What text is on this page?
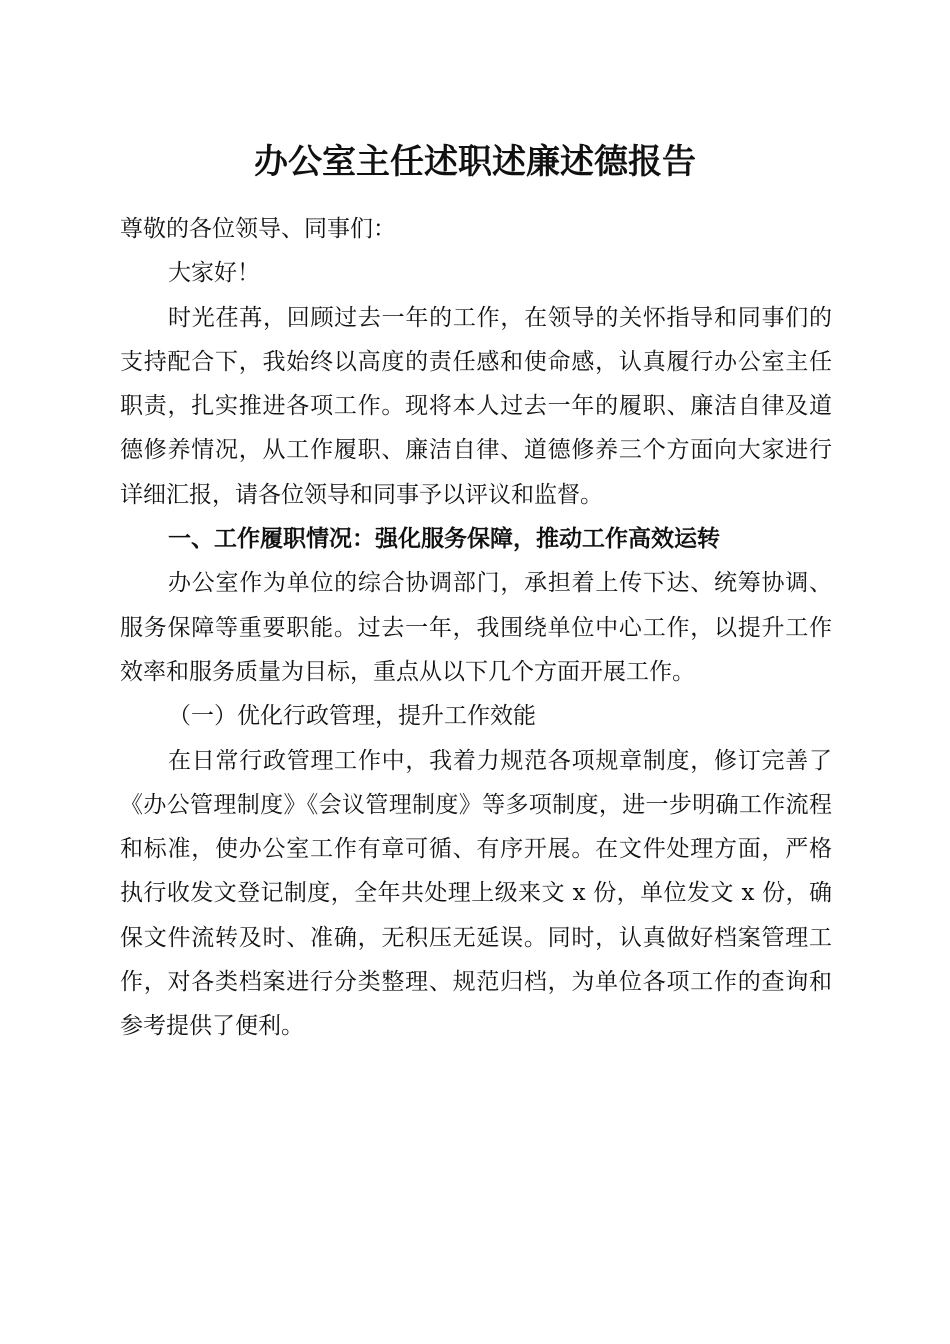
办公室主任述职述廉述德报告

尊敬的各位领导、同事们：

大家好！

时光荏苒，回顾过去一年的工作，在领导的关怀指导和同事们的支持配合下，我始终以高度的责任感和使命感，认真履行办公室主任职责，扎实推进各项工作。现将本人过去一年的履职、廉洁自律及道德修养情况，从工作履职、廉洁自律、道德修养三个方面向大家进行详细汇报，请各位领导和同事予以评议和监督。

一、工作履职情况：强化服务保障，推动工作高效运转

办公室作为单位的综合协调部门，承担着上传下达、统筹协调、服务保障等重要职能。过去一年，我围绕单位中心工作，以提升工作效率和服务质量为目标，重点从以下几个方面开展工作。

（一）优化行政管理，提升工作效能

在日常行政管理工作中，我着力规范各项规章制度，修订完善了《办公管理制度》《会议管理制度》等多项制度，进一步明确工作流程和标准，使办公室工作有章可循、有序开展。在文件处理方面，严格执行收发文登记制度，全年共处理上级来文 x 份，单位发文 x 份，确保文件流转及时、准确，无积压无延误。同时，认真做好档案管理工作，对各类档案进行分类整理、规范归档，为单位各项工作的查询和参考提供了便利。
